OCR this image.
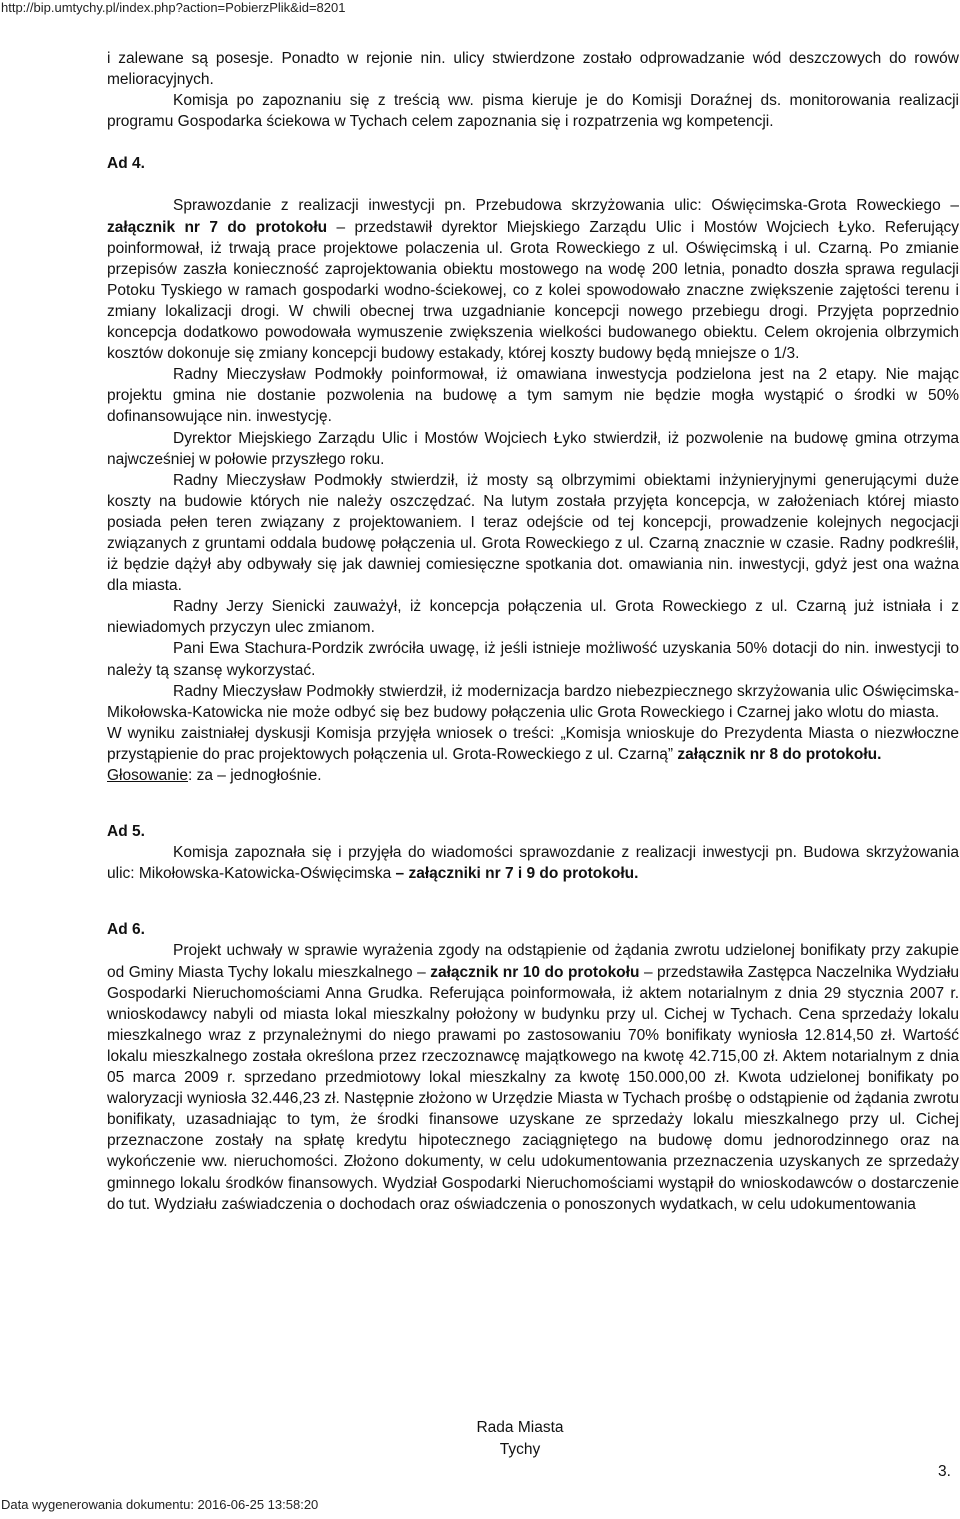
http://bip.umtychy.pl/index.php?action=PobierzPlik&id=8201

i zalewane są posesje. Ponadto w rejonie nin. ulicy stwierdzone zostało odprowadzanie wód deszczowych do rowów melioracyjnych.

Komisja po zapoznaniu się z treścią ww. pisma kieruje je do Komisji Doraźnej ds. monitorowania realizacji programu Gospodarka ściekowa w Tychach celem zapoznania się i rozpatrzenia wg kompetencji.

Ad 4.

Sprawozdanie z realizacji inwestycji pn. Przebudowa skrzyżowania ulic: Oświęcimska-Grota Roweckiego – załącznik nr 7 do protokołu – przedstawił dyrektor Miejskiego Zarządu Ulic i Mostów Wojciech Łyko. Referujący poinformował, iż trwają prace projektowe polaczenia ul. Grota Roweckiego z ul. Oświęcimską i ul. Czarną. Po zmianie przepisów zaszła konieczność zaprojektowania obiektu mostowego na wodę 200 letnia, ponadto doszła sprawa regulacji Potoku Tyskiego w ramach gospodarki wodno-ściekowej, co z kolei spowodowało znaczne zwiększenie zajętości terenu i zmiany lokalizacji drogi. W chwili obecnej trwa uzgadnianie koncepcji nowego przebiegu drogi. Przyjęta poprzednio koncepcja dodatkowo powodowała wymuszenie zwiększenia wielkości budowanego obiektu. Celem okrojenia olbrzymich kosztów dokonuje się zmiany koncepcji budowy estakady, której koszty budowy będą mniejsze o 1/3.

Radny Mieczysław Podmokły poinformował, iż omawiana inwestycja podzielona jest na 2 etapy. Nie mając projektu gmina nie dostanie pozwolenia na budowę a tym samym nie będzie mogła wystąpić o środki w 50% dofinansowujące nin. inwestycję.

Dyrektor Miejskiego Zarządu Ulic i Mostów Wojciech Łyko stwierdził, iż pozwolenie na budowę gmina otrzyma najwcześniej w połowie przyszłego roku.

Radny Mieczysław Podmokły stwierdził, iż mosty są olbrzymimi obiektami inżynieryjnymi generującymi duże koszty na budowie których nie należy oszczędzać. Na lutym została przyjęta koncepcja, w założeniach której miasto posiada pełen teren związany z projektowaniem. I teraz odejście od tej koncepcji, prowadzenie kolejnych negocjacji związanych z gruntami oddala budowę połączenia ul. Grota Roweckiego z ul. Czarną znacznie w czasie. Radny podkreślił, iż będzie dążył aby odbywały się jak dawniej comiesięczne spotkania dot. omawiania nin. inwestycji, gdyż jest ona ważna dla miasta.

Radny Jerzy Sienicki zauważył, iż koncepcja połączenia ul. Grota Roweckiego z ul. Czarną już istniała i z niewiadomych przyczyn ulec zmianom.

Pani Ewa Stachura-Pordzik zwróciła uwagę, iż jeśli istnieje możliwość uzyskania 50% dotacji do nin. inwestycji to należy tą szansę wykorzystać.

Radny Mieczysław Podmokły stwierdził, iż modernizacja bardzo niebezpiecznego skrzyżowania ulic Oświęcimska- Mikołowska-Katowicka nie może odbyć się bez budowy połączenia ulic Grota Roweckiego i Czarnej jako wlotu do miasta.

W wyniku zaistniałej dyskusji Komisja przyjęła wniosek o treści: „Komisja wnioskuje do Prezydenta Miasta o niezwłoczne przystąpienie do prac projektowych połączenia ul. Grota-Roweckiego z ul. Czarną” załącznik nr 8 do protokołu.

Głosowanie: za – jednogłośnie.

Ad 5.

Komisja zapoznała się i przyjęła do wiadomości sprawozdanie z realizacji inwestycji pn. Budowa skrzyżowania ulic: Mikołowska-Katowicka-Oświęcimska – załączniki nr 7 i 9 do protokołu.

Ad 6.

Projekt uchwały w sprawie wyrażenia zgody na odstąpienie od żądania zwrotu udzielonej bonifikaty przy zakupie od Gminy Miasta Tychy lokalu mieszkalnego – załącznik nr 10 do protokołu – przedstawiła Zastępca Naczelnika Wydziału Gospodarki Nieruchomościami Anna Grudka. Referująca poinformowała, iż aktem notarialnym z dnia 29 stycznia 2007 r. wnioskodawcy nabyli od miasta lokal mieszkalny położony w budynku przy ul. Cichej w Tychach. Cena sprzedaży lokalu mieszkalnego wraz z przynależnymi do niego prawami po zastosowaniu 70% bonifikaty wyniosła 12.814,50 zł. Wartość lokalu mieszkalnego została określona przez rzeczoznawcę majątkowego na kwotę 42.715,00 zł. Aktem notarialnym z dnia 05 marca 2009 r. sprzedano przedmiotowy lokal mieszkalny za kwotę 150.000,00 zł. Kwota udzielonej bonifikaty po waloryzacji wyniosła 32.446,23 zł. Następnie złożono w Urzędzie Miasta w Tychach prośbę o odstąpienie od żądania zwrotu bonifikaty, uzasadniając to tym, że środki finansowe uzyskane ze sprzedaży lokalu mieszkalnego przy ul. Cichej przeznaczone zostały na spłatę kredytu hipotecznego zaciągniętego na budowę domu jednorodzinnego oraz na wykończenie ww. nieruchomości. Złożono dokumenty, w celu udokumentowania przeznaczenia uzyskanych ze sprzedaży gminnego lokalu środków finansowych. Wydział Gospodarki Nieruchomościami wystąpił do wnioskodawców o dostarczenie do tut. Wydziału zaświadczenia o dochodach oraz oświadczenia o ponoszonych wydatkach, w celu udokumentowania

Rada Miasta
Tychy
3.
Data wygenerowania dokumentu: 2016-06-25 13:58:20
